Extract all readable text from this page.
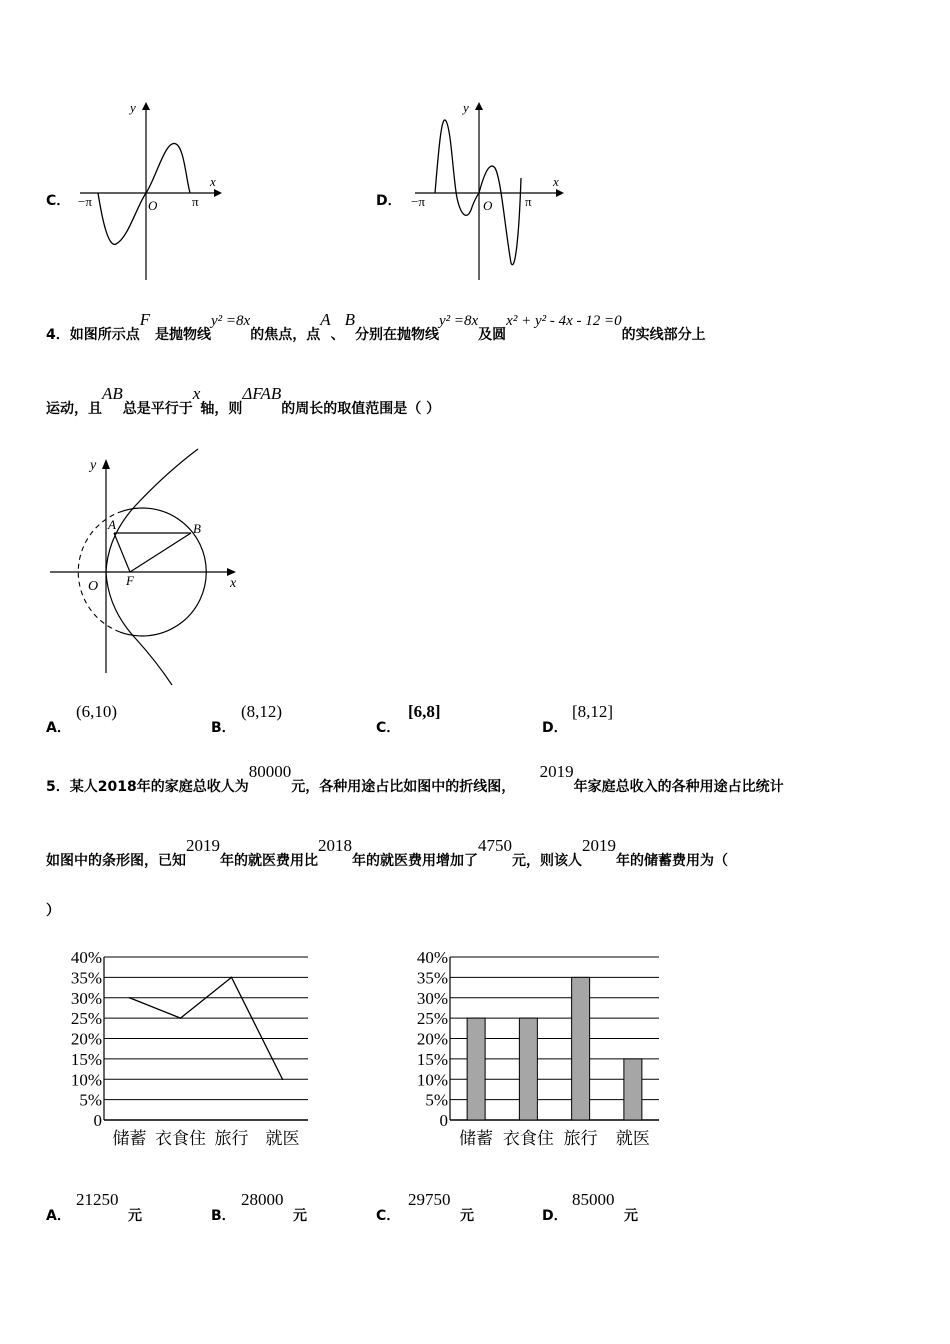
C．
x
y
O
−π	π	D．
x
y
O
−π	π
4．如图所示点F 是抛物线y² =8x的焦点，点A、B分别在抛物线y² =8x及圆x² + y² - 4x - 12 =0的实线部分上
运动，且AB总是平行于x轴，则ΔFAB的周长的取值范围是（ ）
y
x
O F
A	B
A．
(6,10)
B．
(8,12)
C．
[6,8]
D．
[8,12]
5．某人2018年的家庭总收人为80000元，各种用途占比如图中的折线图，     2019年家庭总收入的各种用途占比统计
如图中的条形图，已知2019年的就医费用比2018年的就医费用增加了4750元，则该人2019年的储蓄费用为（
）
0
5%
10%
15%
20%
25%
30%
35%
40%
储蓄 衣食住 旅行 就医
0
5%
10%
15%
20%
25%
30%
35%
40%
储蓄 衣食住 旅行 就医
A．
21250
元	B．
28000
元	C．
29750
元	D．
85000
元
